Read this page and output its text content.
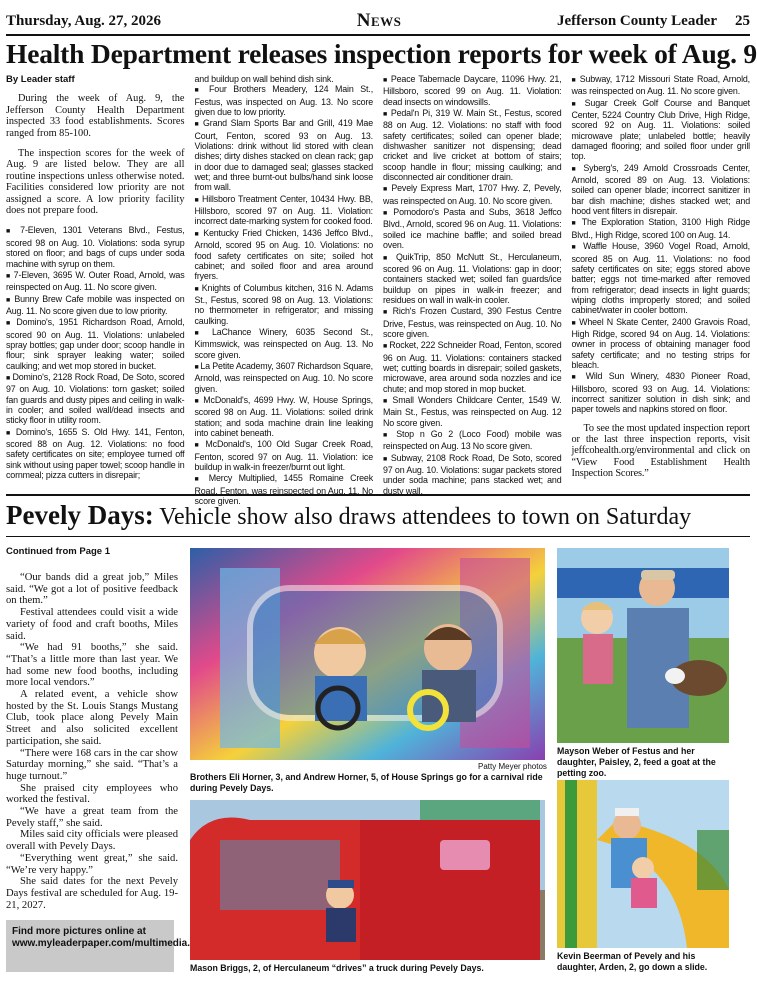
Thursday, Aug. 27, 2026	News	Jefferson County Leader 25
Health Department releases inspection reports for week of Aug. 9
By Leader staff

During the week of Aug. 9, the Jefferson County Health Department inspected 33 food establishments. Scores ranged from 85-100.

The inspection scores for the week of Aug. 9 are listed below. They are all routine inspections unless otherwise noted. Facilities considered low priority are not assigned a score. A low priority facility does not prepare food.

■ 7-Eleven, 1301 Veterans Blvd., Festus, scored 98 on Aug. 10. Violations: soda syrup stored on floor; and bags of cups under soda machine with syrup on them.
■ 7-Eleven, 3695 W. Outer Road, Arnold, was reinspected on Aug. 11. No score given.
■ Bunny Brew Cafe mobile was inspected on Aug. 11. No score given due to low priority.
■ Domino's, 1951 Richardson Road, Arnold, scored 90 on Aug. 11. Violations: unlabeled spray bottles; gap under door; scoop handle in flour; sink sprayer leaking water; soiled caulking; and wet mop stored in bucket.
■ Domino's, 2128 Rock Road, De Soto, scored 97 on Aug. 10. Violations: torn gasket; soiled fan guards and dusty pipes and ceiling in walk-in cooler; and soiled wall/dead insects and sticky floor in utility room.
■ Domino's, 1655 S. Old Hwy. 141, Fenton, scored 88 on Aug. 12. Violations: no food safety certificates on site; employee turned off sink without using paper towel; scoop handle in cornmeal; pizza cutters in disrepair;
and buildup on wall behind dish sink.
■ Four Brothers Meadery, 124 Main St., Festus, was inspected on Aug. 13. No score given due to low priority.
■ Grand Slam Sports Bar and Grill, 419 Mae Court, Fenton, scored 93 on Aug. 13. Violations: drink without lid stored with clean dishes; dirty dishes stacked on clean rack; gap in door due to damaged seal; glasses stacked wet; and three burnt-out bulbs/hand sink loose from wall.
■ Hillsboro Treatment Center, 10434 Hwy. BB, Hillsboro, scored 97 on Aug. 11. Violation: incorrect date-marking system for cooked food.
■ Kentucky Fried Chicken, 1436 Jeffco Blvd., Arnold, scored 95 on Aug. 10. Violations: no food safety certificates on site; soiled hot cabinet; and soiled floor and area around fryers.
■ Knights of Columbus kitchen, 316 N. Adams St., Festus, scored 98 on Aug. 13. Violations: no thermometer in refrigerator; and missing caulking.
■ LaChance Winery, 6035 Second St., Kimmswick, was reinspected on Aug. 13. No score given.
■ La Petite Academy, 3607 Richardson Square, Arnold, was reinspected on Aug. 10. No score given.
■ McDonald's, 4699 Hwy. W, House Springs, scored 98 on Aug. 11. Violations: soiled drink station; and soda machine drain line leaking into cabinet beneath.
■ McDonald's, 100 Old Sugar Creek Road, Fenton, scored 97 on Aug. 11. Violation: ice buildup in walk-in freezer/burnt out light.
■ Mercy Multiplied, 1455 Romaine Creek Road, Fenton, was reinspected on Aug. 11. No score given.
■ Peace Tabernacle Daycare, 11096 Hwy. 21, Hillsboro, scored 99 on Aug. 11. Violation: dead insects on windowsills.
■ Pedal'n Pi, 319 W. Main St., Festus, scored 88 on Aug. 12. Violations: no staff with food safety certificates; soiled can opener blade; dishwasher sanitizer not dispensing; dead cricket and live cricket at bottom of stairs; scoop handle in flour; missing caulking; and disconnected air conditioner drain.
■ Pevely Express Mart, 1707 Hwy. Z, Pevely, was reinspected on Aug. 10. No score given.
■ Pomodoro's Pasta and Subs, 3618 Jeffco Blvd., Arnold, scored 96 on Aug. 11. Violations: soiled ice machine baffle; and soiled bread oven.
■ QuikTrip, 850 McNutt St., Herculaneum, scored 96 on Aug. 11. Violations: gap in door; containers stacked wet; soiled fan guards/ice buildup on pipes in walk-in freezer; and residues on wall in walk-in cooler.
■ Rich's Frozen Custard, 390 Festus Centre Drive, Festus, was reinspected on Aug. 10. No score given.
■ Rocket, 222 Schneider Road, Fenton, scored 96 on Aug. 11. Violations: containers stacked wet; cutting boards in disrepair; soiled gaskets, microwave, area around soda nozzles and ice chute; and mop stored in mop bucket.
■ Small Wonders Childcare Center, 1549 W. Main St., Festus, was reinspected on Aug. 12 No score given.
■ Stop n Go 2 (Loco Food) mobile was reinspected on Aug. 13 No score given.
■ Subway, 2108 Rock Road, De Soto, scored 97 on Aug. 10. Violations: sugar packets stored under soda machine; pans stacked wet; and dusty wall.
■ Subway, 1712 Missouri State Road, Arnold, was reinspected on Aug. 11. No score given.
■ Sugar Creek Golf Course and Banquet Center, 5224 Country Club Drive, High Ridge, scored 92 on Aug. 11. Violations: soiled microwave plate; unlabeled bottle; heavily damaged flooring; and soiled floor under grill top.
■ Syberg's, 249 Arnold Crossroads Center, Arnold, scored 89 on Aug. 13. Violations: soiled can opener blade; incorrect sanitizer in bar dish machine; dishes stacked wet; and hood vent filters in disrepair.
■ The Exploration Station, 3100 High Ridge Blvd., High Ridge, scored 100 on Aug. 14.
■ Waffle House, 3960 Vogel Road, Arnold, scored 85 on Aug. 11. Violations: no food safety certificates on site; eggs stored above batter; eggs not time-marked after removed from refrigerator; dead insects in light guards; wiping cloths improperly stored; and soiled cabinet/water in cooler bottom.
■ Wheel N Skate Center, 2400 Gravois Road, High Ridge, scored 94 on Aug. 14. Violations: owner in process of obtaining manager food safety certificate; and no testing strips for bleach.
■ Wild Sun Winery, 4830 Pioneer Road, Hillsboro, scored 93 on Aug. 14. Violations: incorrect sanitizer solution in dish sink; and paper towels and napkins stored on floor.

To see the most updated inspection report or the last three inspection reports, visit jeffcohealth.org/environmental and click on “View Food Establishment Health Inspection Scores.”

Pevely Days: Vehicle show also draws attendees to town on Saturday
Continued from Page 1

“Our bands did a great job,” Miles said. “We got a lot of positive feedback on them.”

Festival attendees could visit a wide variety of food and craft booths, Miles said.

“We had 91 booths,” she said. “That’s a little more than last year. We had some new food booths, including more local vendors.”

A related event, a vehicle show hosted by the St. Louis Stangs Mustang Club, took place along Pevely Main Street and also solicited excellent participation, she said.

“There were 168 cars in the car show Saturday morning,” she said. “That’s a huge turnout.”

She praised city employees who worked the festival.

“We have a great team from the Pevely staff,” she said.

Miles said city officials were pleased overall with Pevely Days.

“Everything went great,” she said. “We’re very happy.”

She said dates for the next Pevely Days festival are scheduled for Aug. 19-21, 2027.

Find more pictures online at www.myleaderpaper.com/multimedia.
Patty Meyer photos
Brothers Eli Horner, 3, and Andrew Horner, 5, of House Springs go for a carnival ride during Pevely Days.
Mayson Weber of Festus and her daughter, Paisley, 2, feed a goat at the petting zoo.
Mason Briggs, 2, of Herculaneum “drives” a truck during Pevely Days.
Kevin Beerman of Pevely and his daughter, Arden, 2, go down a slide.
